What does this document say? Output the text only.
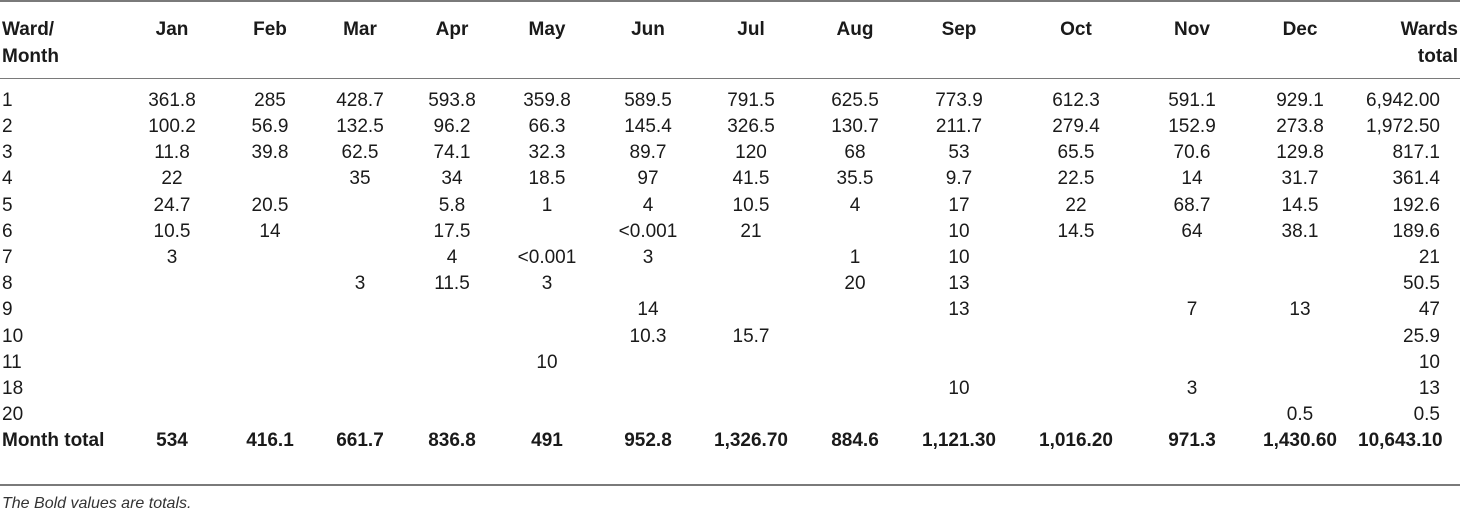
Ward/
Month	Jan	Feb	Mar	Apr	May	Jun	Jul	Aug	Sep	Oct	Nov	Dec	Wards total
1	361.8	285	428.7	593.8	359.8	589.5	791.5	625.5	773.9	612.3	591.1	929.1	6,942.00
2	100.2	56.9	132.5	96.2	66.3	145.4	326.5	130.7	211.7	279.4	152.9	273.8	1,972.50
3	11.8	39.8	62.5	74.1	32.3	89.7	120	68	53	65.5	70.6	129.8	817.1
4	22		35	34	18.5	97	41.5	35.5	9.7	22.5	14	31.7	361.4
5	24.7	20.5		5.8	1	4	10.5	4	17	22	68.7	14.5	192.6
6	10.5	14		17.5		<0.001	21		10	14.5	64	38.1	189.6
7	3			4	<0.001	3		1	10				21
8			3	11.5	3			20	13				50.5
9						14			13		7	13	47
10						10.3	15.7						25.9
11					10								10
18									10		3		13
20												0.5	0.5
Month total	534	416.1	661.7	836.8	491	952.8	1,326.70	884.6	1,121.30	1,016.20	971.3	1,430.60	10,643.10
The Bold values are totals.
